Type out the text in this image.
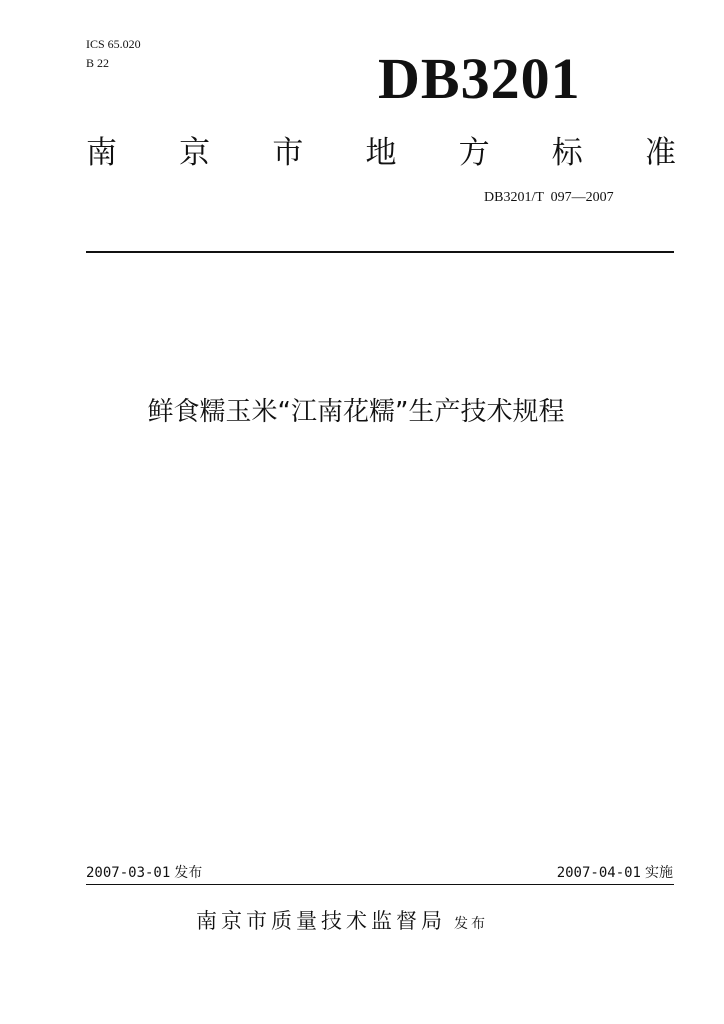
ICS 65.020
B 22	DB3201
南 京 市 地 方 标 准
DB3201/T  097—2007
鲜食糯玉米“江南花糯”生产技术规程
2007-03-01 发布	2007-04-01 实施
南京市质量技术监督局 发布
